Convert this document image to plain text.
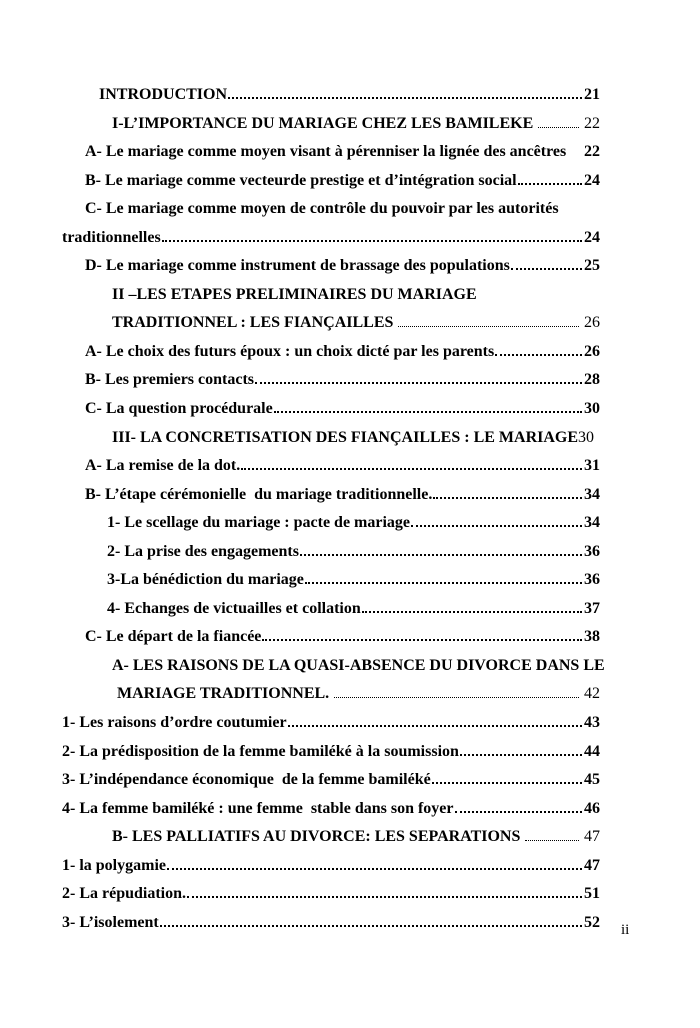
INTRODUCTION	21
I-L’IMPORTANCE DU MARIAGE CHEZ LES BAMILEKE	22
A- Le mariage comme moyen visant à pérenniser la lignée des ancêtres 22
B- Le mariage comme vecteurde prestige et d’intégration social	24
C- Le mariage comme moyen de contrôle du pouvoir par les autorités
traditionnelles	24
D- Le mariage comme instrument de brassage des populations	25
II –LES ETAPES PRELIMINAIRES DU MARIAGE
TRADITIONNEL : LES FIANÇAILLES	26
A- Le choix des futurs époux : un choix dicté par les parents	26
B- Les premiers contacts	28
C- La question procédurale	30
III- LA CONCRETISATION DES FIANÇAILLES : LE MARIAGE 30
A- La remise de la dot.	31
B- L’étape cérémonielle  du mariage traditionnelle.	34
1- Le scellage du mariage : pacte de mariage	34
2- La prise des engagements	36
3-La bénédiction du mariage	36
4- Echanges de victuailles et collation	37
C- Le départ de la fiancée	38
A- LES RAISONS DE LA QUASI-ABSENCE DU DIVORCE DANS LE
MARIAGE TRADITIONNEL.	42
1- Les raisons d’ordre coutumier	43
2- La prédisposition de la femme bamiléké à la soumission	44
3- L’indépendance économique  de la femme bamiléké	45
4- La femme bamiléké : une femme  stable dans son foyer	46
B- LES PALLIATIFS AU DIVORCE: LES SEPARATIONS	47
1- la polygamie	47
2- La répudiation.	51
3- L’isolement	52 ii
